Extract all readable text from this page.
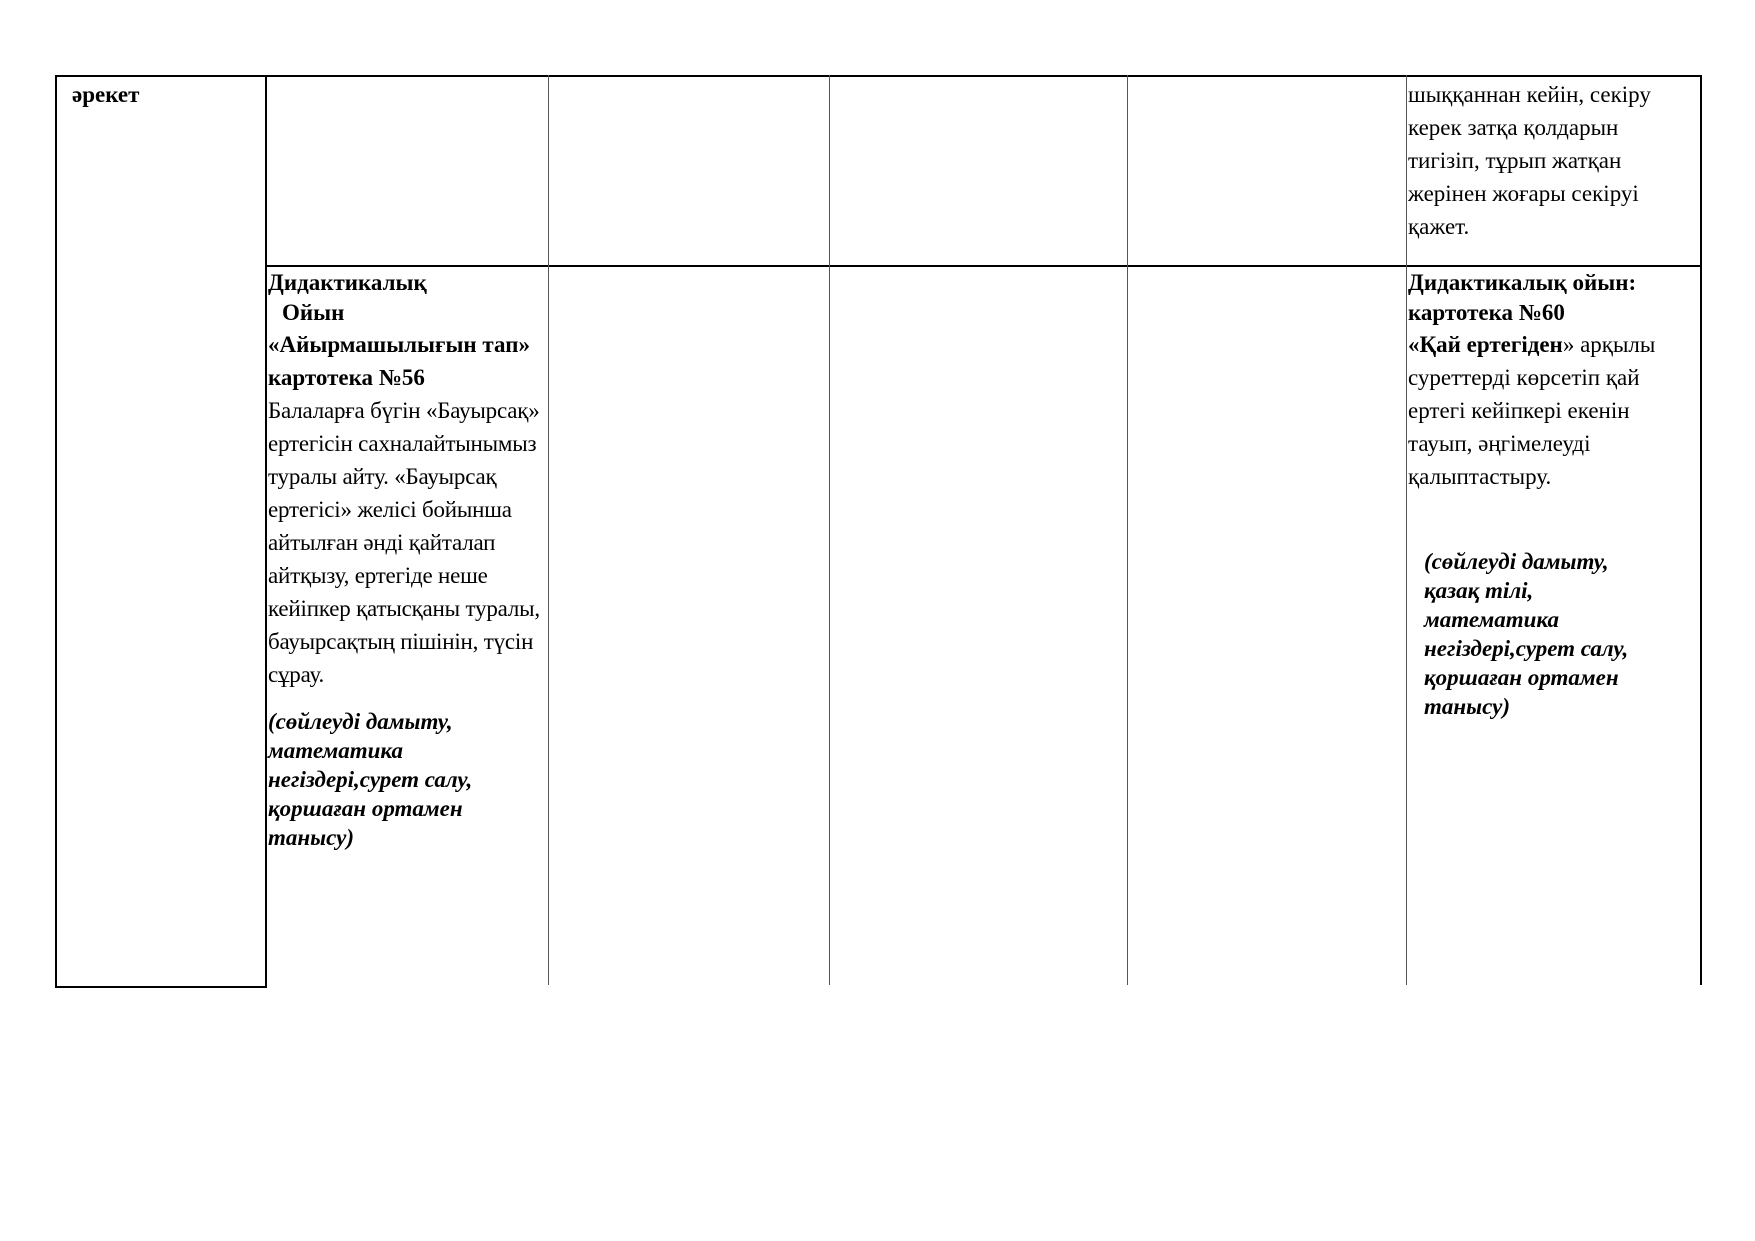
әрекет	шыққаннан кейін, секіру керек затқа қолдарын тигізіп, тұрып жатқан жерінен жоғары секіруі қажет.

Дидактикалық

Ойын

«Айырмашылығын тап»

картотека №56

Балаларға бүгін «Бауырсақ» ертегісін сахналайтынымыз туралы айту. «Бауырсақ ертегісі» желісі бойынша айтылған әнді қайталап айтқызу, ертегіде неше кейіпкер қатысқаны туралы, бауырсақтың пішінін, түсін сұрау.

(сөйлеуді дамыту, математика негіздері,сурет салу, қоршаған ортамен танысу)

Дидактикалық ойын:

картотека №60

«Қай ертегіден» арқылы суреттерді көрсетіп қай ертегі кейіпкері екенін тауып, әңгімелеуді қалыптастыру.

(сөйлеуді дамыту, қазақ тілі, математика негіздері,сурет салу, қоршаған ортамен танысу)
